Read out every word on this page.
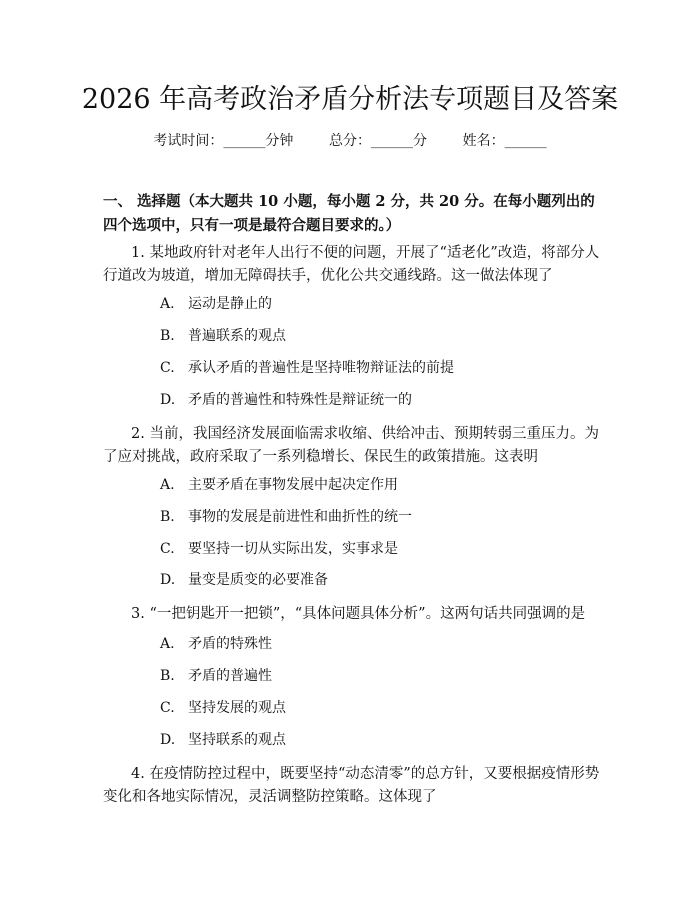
2026 年高考政治矛盾分析法专项题目及答案
考试时间：______分钟	总分：______分	姓名：______
一、 选择题（本大题共 10 小题，每小题 2 分，共 20 分。在每小题列出的四个选项中，只有一项是最符合题目要求的。）
1. 某地政府针对老年人出行不便的问题，开展了“适老化”改造，将部分人行道改为坡道，增加无障碍扶手，优化公共交通线路。这一做法体现了
A. 运动是静止的
B. 普遍联系的观点
C. 承认矛盾的普遍性是坚持唯物辩证法的前提
D. 矛盾的普遍性和特殊性是辩证统一的
2. 当前，我国经济发展面临需求收缩、供给冲击、预期转弱三重压力。为了应对挑战，政府采取了一系列稳增长、保民生的政策措施。这表明
A. 主要矛盾在事物发展中起决定作用
B. 事物的发展是前进性和曲折性的统一
C. 要坚持一切从实际出发，实事求是
D. 量变是质变的必要准备
3. “一把钥匙开一把锁”，“具体问题具体分析”。这两句话共同强调的是
A. 矛盾的特殊性
B. 矛盾的普遍性
C. 坚持发展的观点
D. 坚持联系的观点
4. 在疫情防控过程中，既要坚持“动态清零”的总方针，又要根据疫情形势变化和各地实际情况，灵活调整防控策略。这体现了
